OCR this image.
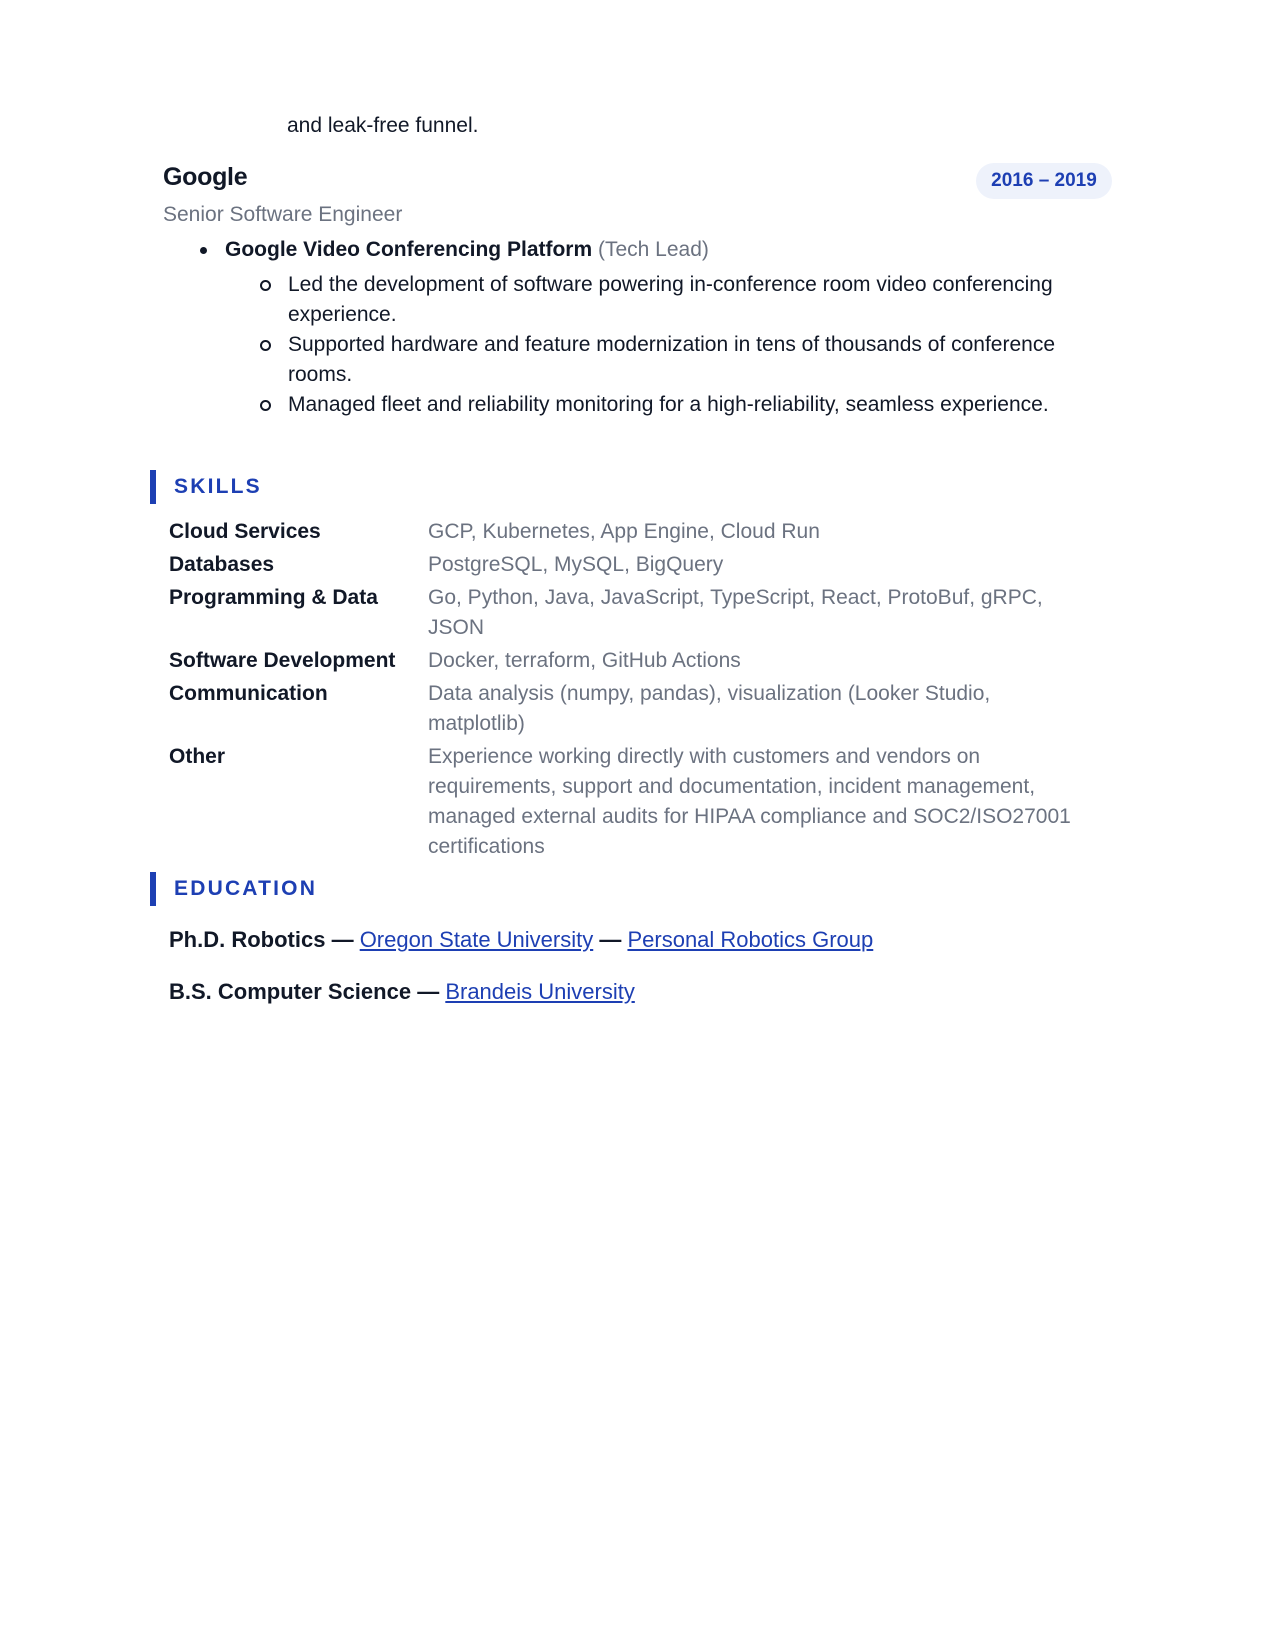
and leak-free funnel.
Google	2016 – 2019
Senior Software Engineer
Google Video Conferencing Platform (Tech Lead)
Led the development of software powering in-conference room video conferencing experience.
Supported hardware and feature modernization in tens of thousands of conference rooms.
Managed fleet and reliability monitoring for a high-reliability, seamless experience.
SKILLS
Cloud Services	GCP, Kubernetes, App Engine, Cloud Run
Databases	PostgreSQL, MySQL, BigQuery
Programming & Data	Go, Python, Java, JavaScript, TypeScript, React, ProtoBuf, gRPC, JSON
Software Development	Docker, terraform, GitHub Actions
Communication	Data analysis (numpy, pandas), visualization (Looker Studio, matplotlib)
Other	Experience working directly with customers and vendors on requirements, support and documentation, incident management, managed external audits for HIPAA compliance and SOC2/ISO27001 certifications
EDUCATION
Ph.D. Robotics — Oregon State University — Personal Robotics Group
B.S. Computer Science — Brandeis University
